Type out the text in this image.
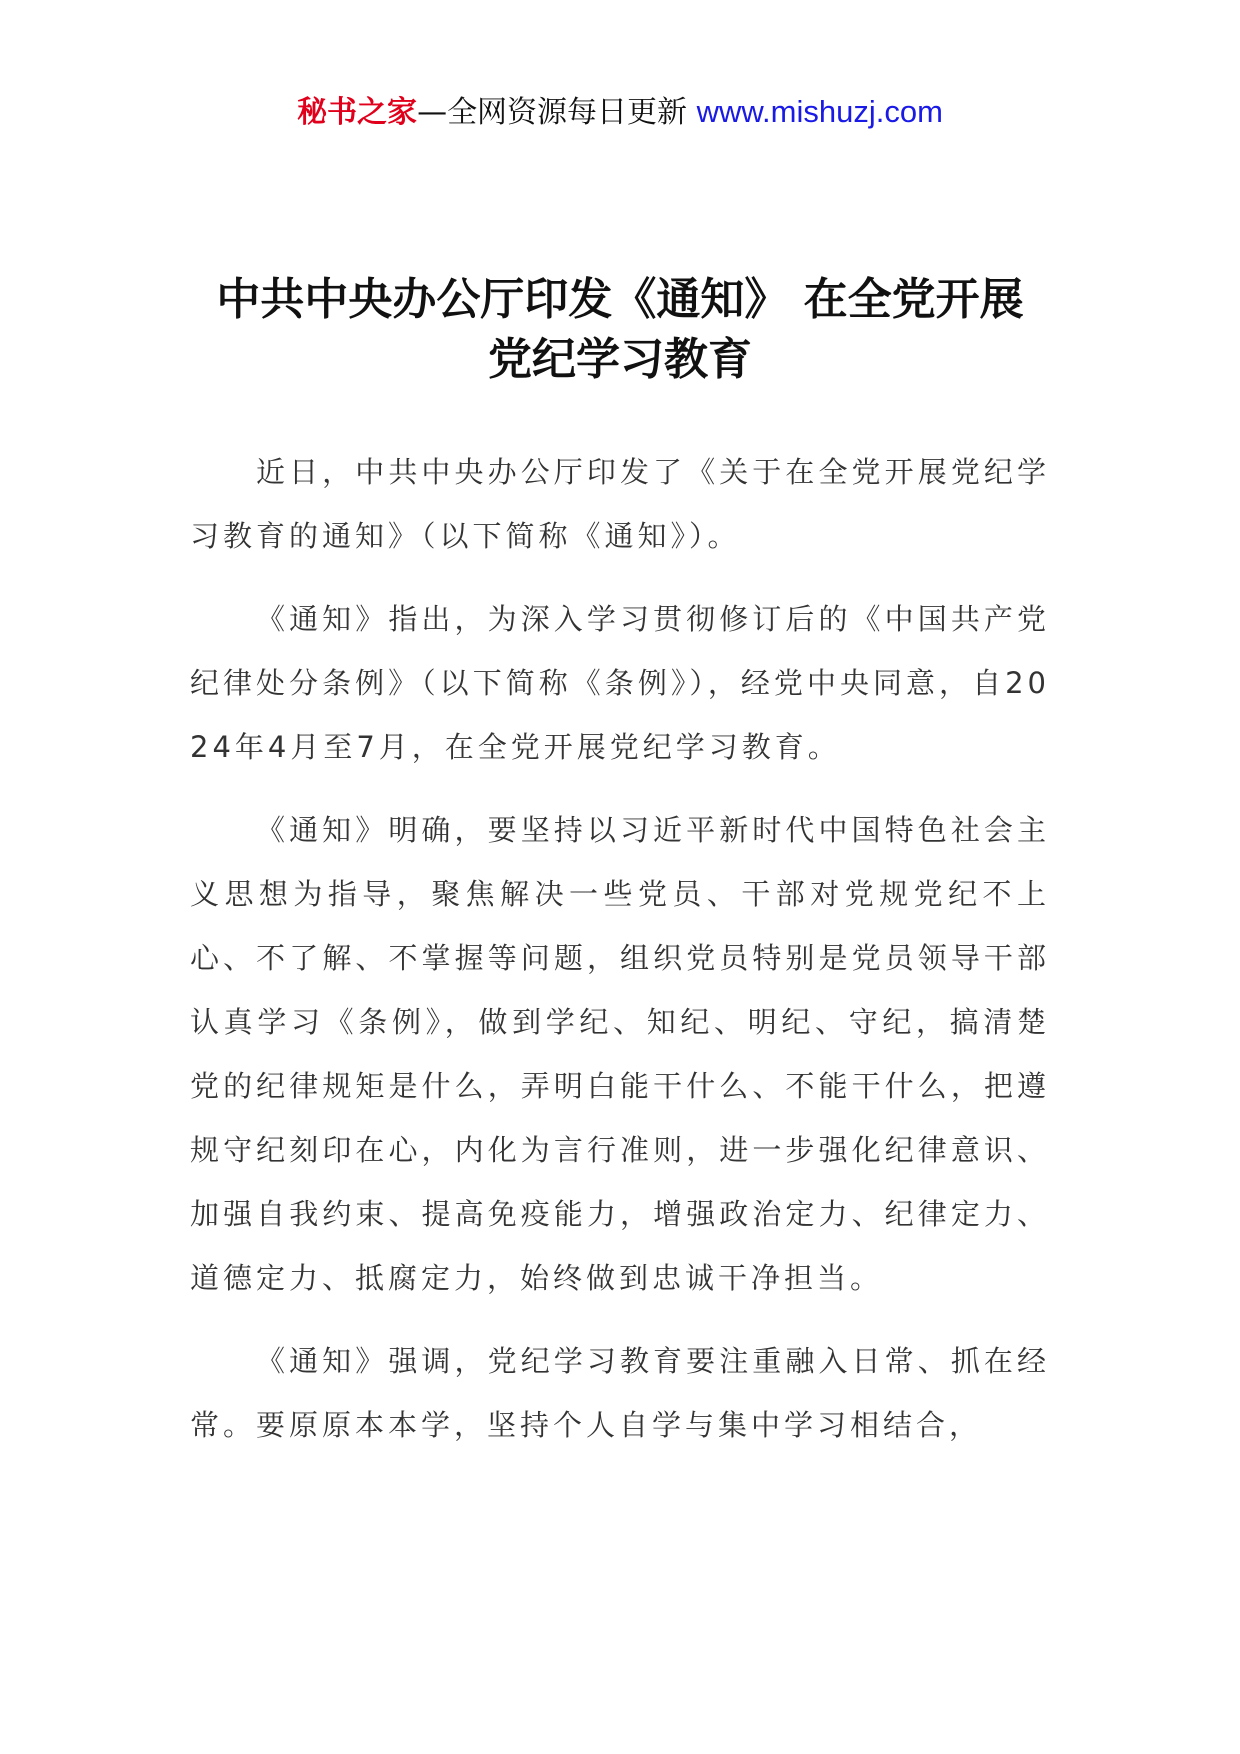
秘书之家—全网资源每日更新 www.mishuzj.com
中共中央办公厅印发《通知》 在全党开展
党纪学习教育

近日，中共中央办公厅印发了《关于在全党开展党纪学习教育的通知》（以下简称《通知》）。

《通知》指出，为深入学习贯彻修订后的《中国共产党纪律处分条例》（以下简称《条例》），经党中央同意，自2024年4月至7月，在全党开展党纪学习教育。

《通知》明确，要坚持以习近平新时代中国特色社会主义思想为指导，聚焦解决一些党员、干部对党规党纪不上心、不了解、不掌握等问题，组织党员特别是党员领导干部认真学习《条例》，做到学纪、知纪、明纪、守纪，搞清楚党的纪律规矩是什么，弄明白能干什么、不能干什么，把遵规守纪刻印在心，内化为言行准则，进一步强化纪律意识、加强自我约束、提高免疫能力，增强政治定力、纪律定力、道德定力、抵腐定力，始终做到忠诚干净担当。

《通知》强调，党纪学习教育要注重融入日常、抓在经常。要原原本本学，坚持个人自学与集中学习相结合，
